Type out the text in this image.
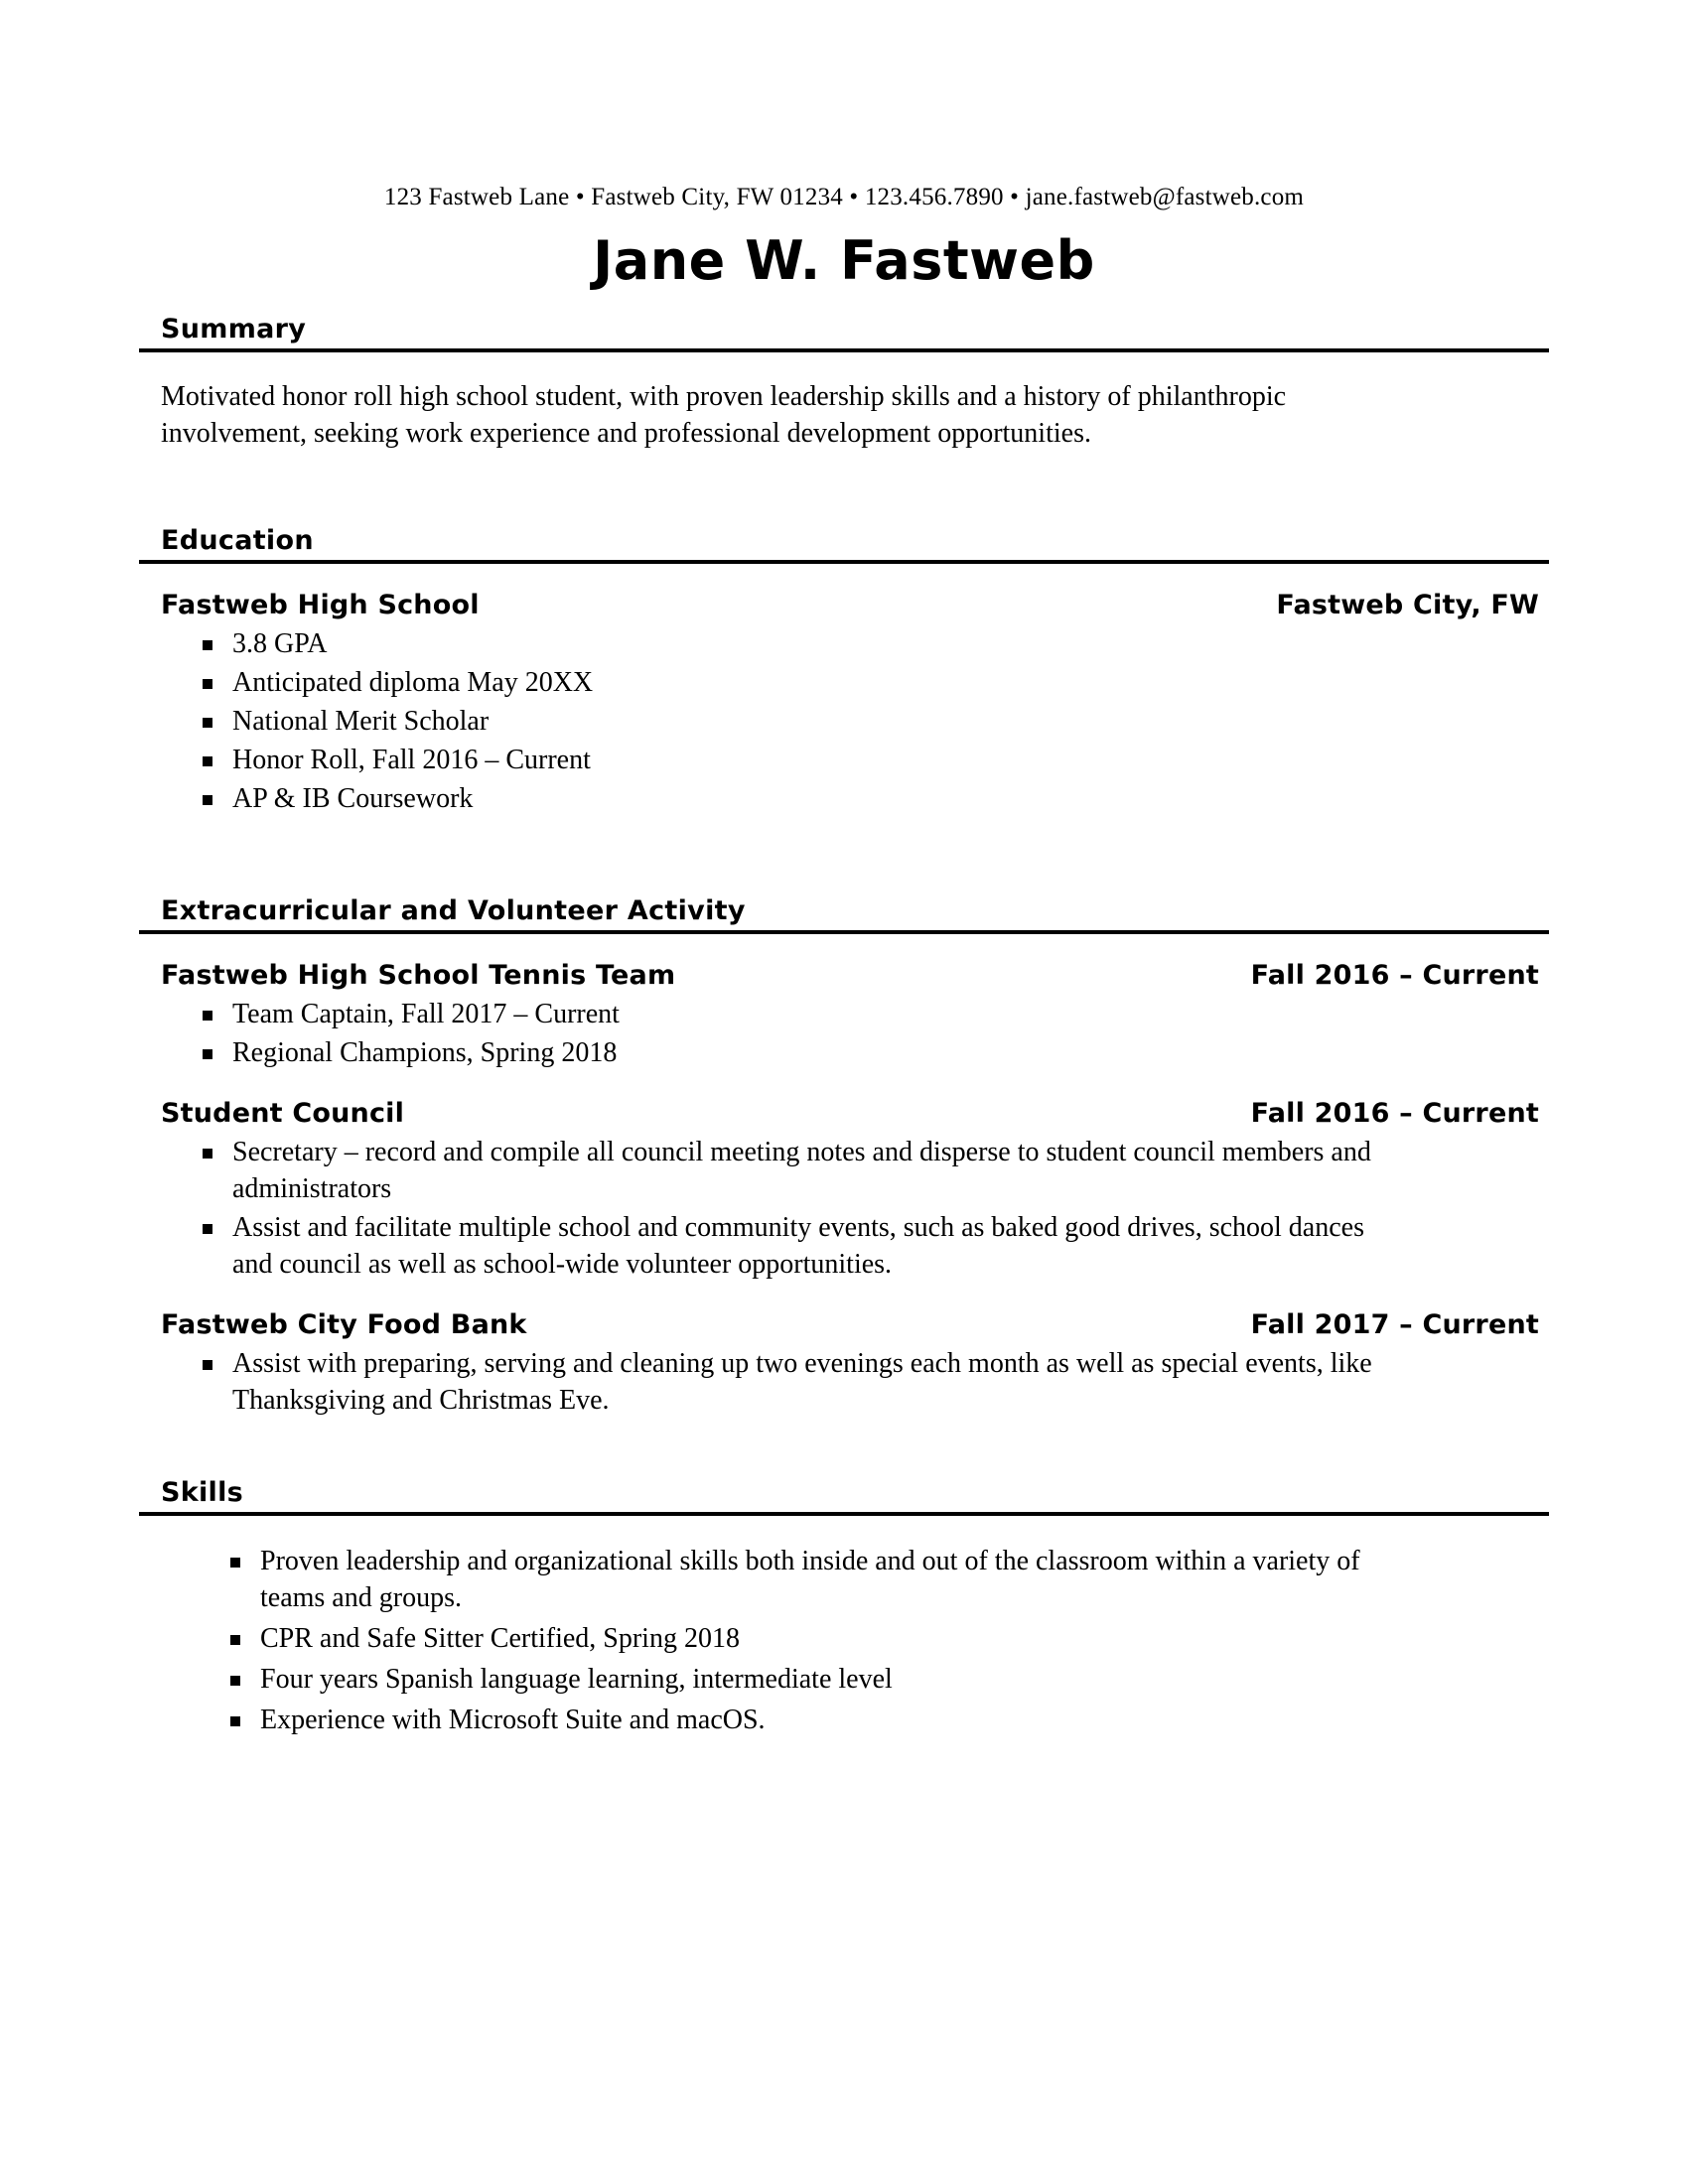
123 Fastweb Lane • Fastweb City, FW 01234 • 123.456.7890 • jane.fastweb@fastweb.com
Jane W. Fastweb
Summary

Motivated honor roll high school student, with proven leadership skills and a history of philanthropic involvement, seeking work experience and professional development opportunities.

Education
Fastweb High School	Fastweb City, FW
3.8 GPA
Anticipated diploma May 20XX
National Merit Scholar
Honor Roll, Fall 2016 – Current
AP & IB Coursework
Extracurricular and Volunteer Activity
Fastweb High School Tennis Team	Fall 2016 – Current
Team Captain, Fall 2017 – Current
Regional Champions, Spring 2018
Student Council	Fall 2016 – Current
Secretary – record and compile all council meeting notes and disperse to student council members and administrators
Assist and facilitate multiple school and community events, such as baked good drives, school dances and council as well as school-wide volunteer opportunities.
Fastweb City Food Bank	Fall 2017 – Current
Assist with preparing, serving and cleaning up two evenings each month as well as special events, like Thanksgiving and Christmas Eve.
Skills
Proven leadership and organizational skills both inside and out of the classroom within a variety of teams and groups.
CPR and Safe Sitter Certified, Spring 2018
Four years Spanish language learning, intermediate level
Experience with Microsoft Suite and macOS.
